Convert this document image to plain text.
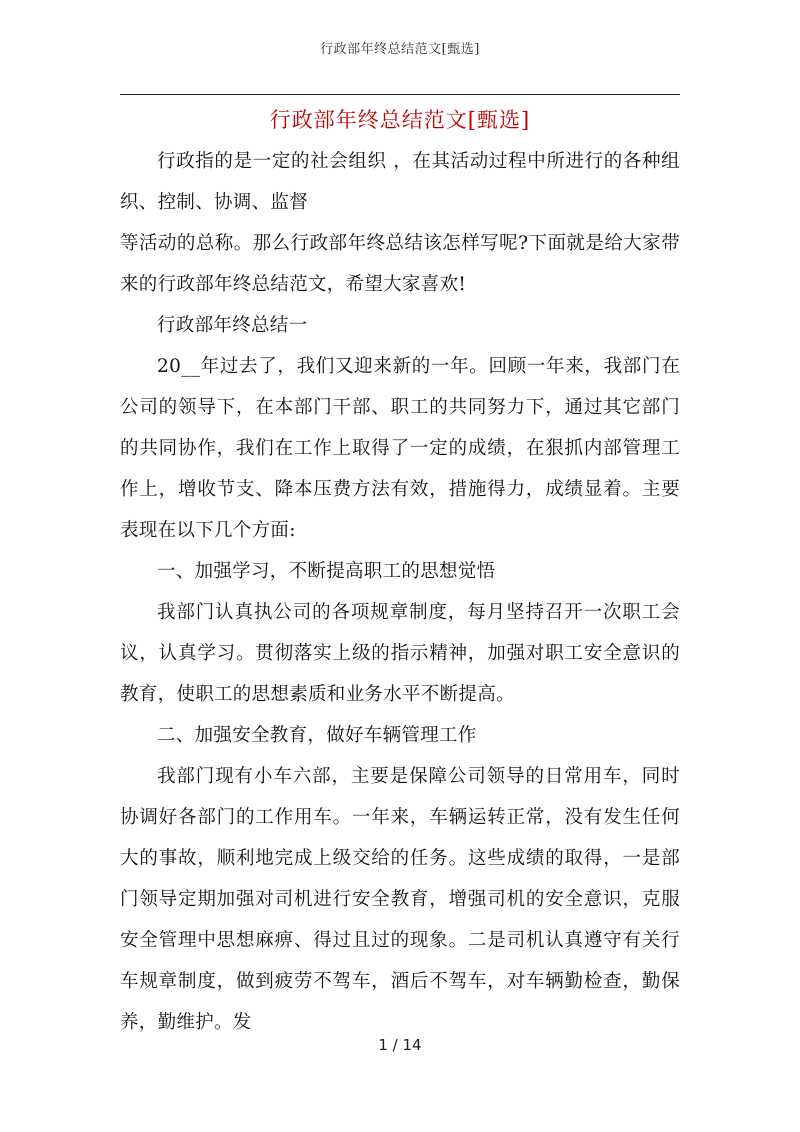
行政部年终总结范文[甄选]
行政部年终总结范文[甄选]

行政指的是一定的社会组织 ，在其活动过程中所进行的各种组织、控制、协调、监督

等活动的总称。那么行政部年终总结该怎样写呢?下面就是给大家带来的行政部年终总结范文，希望大家喜欢!

行政部年终总结一

20__年过去了，我们又迎来新的一年。回顾一年来，我部门在公司的领导下，在本部门干部、职工的共同努力下，通过其它部门的共同协作，我们在工作上取得了一定的成绩，在狠抓内部管理工作上，增收节支、降本压费方法有效，措施得力，成绩显着。主要表现在以下几个方面:

一、加强学习，不断提高职工的思想觉悟

我部门认真执公司的各项规章制度，每月坚持召开一次职工会议，认真学习。贯彻落实上级的指示精神，加强对职工安全意识的教育，使职工的思想素质和业务水平不断提高。

二、加强安全教育，做好车辆管理工作

我部门现有小车六部，主要是保障公司领导的日常用车，同时协调好各部门的工作用车。一年来，车辆运转正常，没有发生任何大的事故，顺利地完成上级交给的任务。这些成绩的取得，一是部门领导定期加强对司机进行安全教育，增强司机的安全意识，克服安全管理中思想麻痹、得过且过的现象。二是司机认真遵守有关行车规章制度，做到疲劳不驾车，酒后不驾车，对车辆勤检查，勤保养，勤维护。发

1 / 14
